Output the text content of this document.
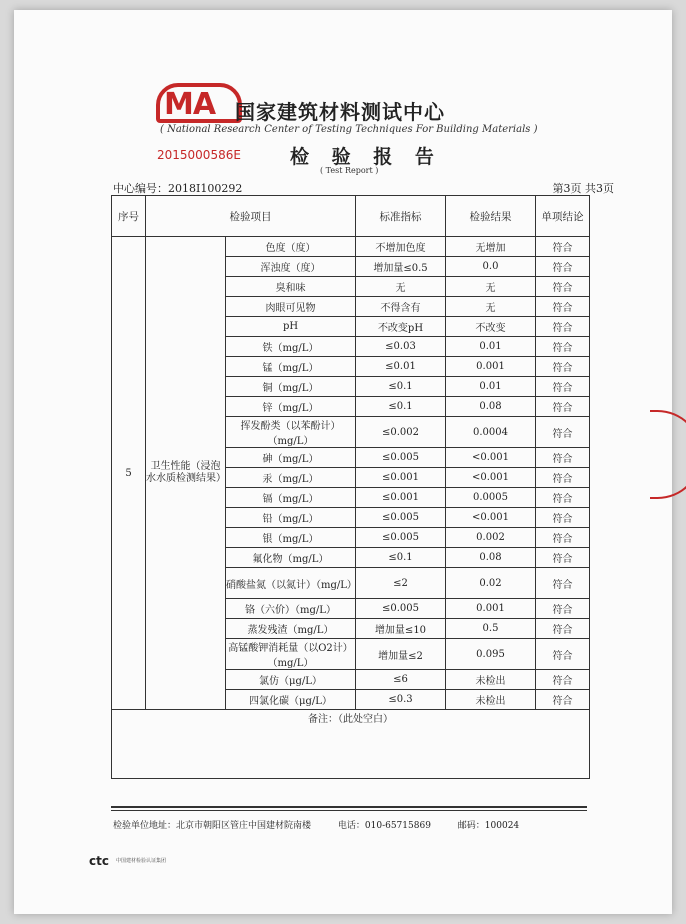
MA 国家建筑材料测试中心
( National Research Center of Testing Techniques For Building Materials )
2015000586E	检 验 报 告
( Test Report )
中心编号：2018I100292	第3页 共3页
序号	检验项目		标准指标	检验结果	单项结论
5	卫生性能（浸泡水水质检测结果）	色度（度）	不增加色度	无增加	符合
		浑浊度（度）	增加量≤0.5	0.0	符合
		臭和味	无	无	符合
		肉眼可见物	不得含有	无	符合
		pH	不改变pH	不改变	符合
		铁（mg/L）	≤0.03	0.01	符合
		锰（mg/L）	≤0.01	0.001	符合
		铜（mg/L）	≤0.1	0.01	符合
		锌（mg/L）	≤0.1	0.08	符合
		挥发酚类（以苯酚计）（mg/L）	≤0.002	0.0004	符合
		砷（mg/L）	≤0.005	<0.001	符合
		汞（mg/L）	≤0.001	<0.001	符合
		镉（mg/L）	≤0.001	0.0005	符合
		铅（mg/L）	≤0.005	<0.001	符合
		银（mg/L）	≤0.005	0.002	符合
		氟化物（mg/L）	≤0.1	0.08	符合
		硝酸盐氮（以氮计）（mg/L）	≤2	0.02	符合
		铬（六价）（mg/L）	≤0.005	0.001	符合
		蒸发残渣（mg/L）	增加量≤10	0.5	符合
		高锰酸钾消耗量（以O2计）（mg/L）	增加量≤2	0.095	符合
		氯仿（μg/L）	≤6	未检出	符合
		四氯化碳（μg/L）	≤0.3	未检出	符合
备注：（此处空白）					
检验单位地址：北京市朝阳区管庄中国建材院南楼	电话：010-65715869	邮码：100024
ctc 中国建材检验认证集团
